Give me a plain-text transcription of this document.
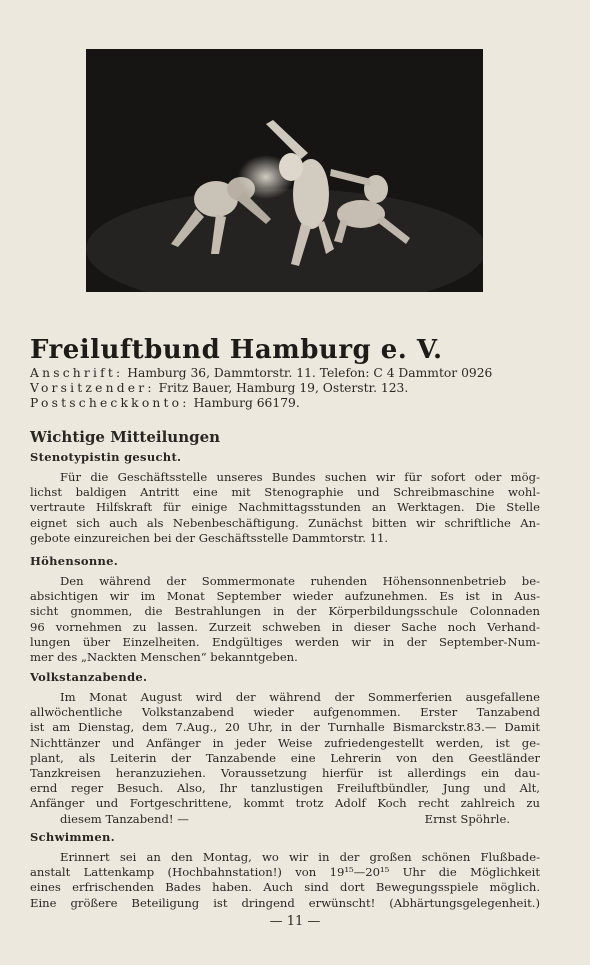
Freiluftbund Hamburg e. V.
Anschrift: Hamburg 36, Dammtorstr. 11. Telefon: C 4 Dammtor 0926
Vorsitzender: Fritz Bauer, Hamburg 19, Osterstr. 123.
Postscheckkonto: Hamburg 66179.
Wichtige Mitteilungen
Stenotypistin gesucht.
Für die Geschäftsstelle unseres Bundes suchen wir für sofort oder mög-
lichst baldigen Antritt eine mit Stenographie und Schreibmaschine wohl-
vertraute Hilfskraft für einige Nachmittagsstunden an Werktagen. Die Stelle
eignet sich auch als Nebenbeschäftigung. Zunächst bitten wir schriftliche An-
gebote einzureichen bei der Geschäftsstelle Dammtorstr. 11.
Höhensonne.
Den während der Sommermonate ruhenden Höhensonnenbetrieb be-
absichtigen wir im Monat September wieder aufzunehmen. Es ist in Aus-
sicht gnommen, die Bestrahlungen in der Körperbildungsschule Colonnaden
96 vornehmen zu lassen. Zurzeit schweben in dieser Sache noch Verhand-
lungen über Einzelheiten. Endgültiges werden wir in der September-Num-
mer des „Nackten Menschen“ bekanntgeben.
Volkstanzabende.
Im Monat August wird der während der Sommerferien ausgefallene
allwöchentliche Volkstanzabend wieder aufgenommen. Erster Tanzabend
ist am Dienstag, dem 7.Aug., 20 Uhr, in der Turnhalle Bismarckstr.83.— Damit
Nichttänzer und Anfänger in jeder Weise zufriedengestellt werden, ist ge-
plant, als Leiterin der Tanzabende eine Lehrerin von den Geestländer
Tanzkreisen heranzuziehen. Voraussetzung hierfür ist allerdings ein dau-
ernd reger Besuch. Also, Ihr tanzlustigen Freiluftbündler, Jung und Alt,
Anfänger und Fortgeschrittene, kommt trotz Adolf Koch recht zahlreich zu
diesem Tanzabend! —	Ernst Spöhrle.
Schwimmen.
Erinnert sei an den Montag, wo wir in der großen schönen Flußbade-
anstalt Lattenkamp (Hochbahnstation!) von 19¹⁵—20¹⁵ Uhr die Möglichkeit
eines erfrischenden Bades haben. Auch sind dort Bewegungsspiele möglich.
Eine größere Beteiligung ist dringend erwünscht! (Abhärtungsgelegenheit.)
— 11 —
